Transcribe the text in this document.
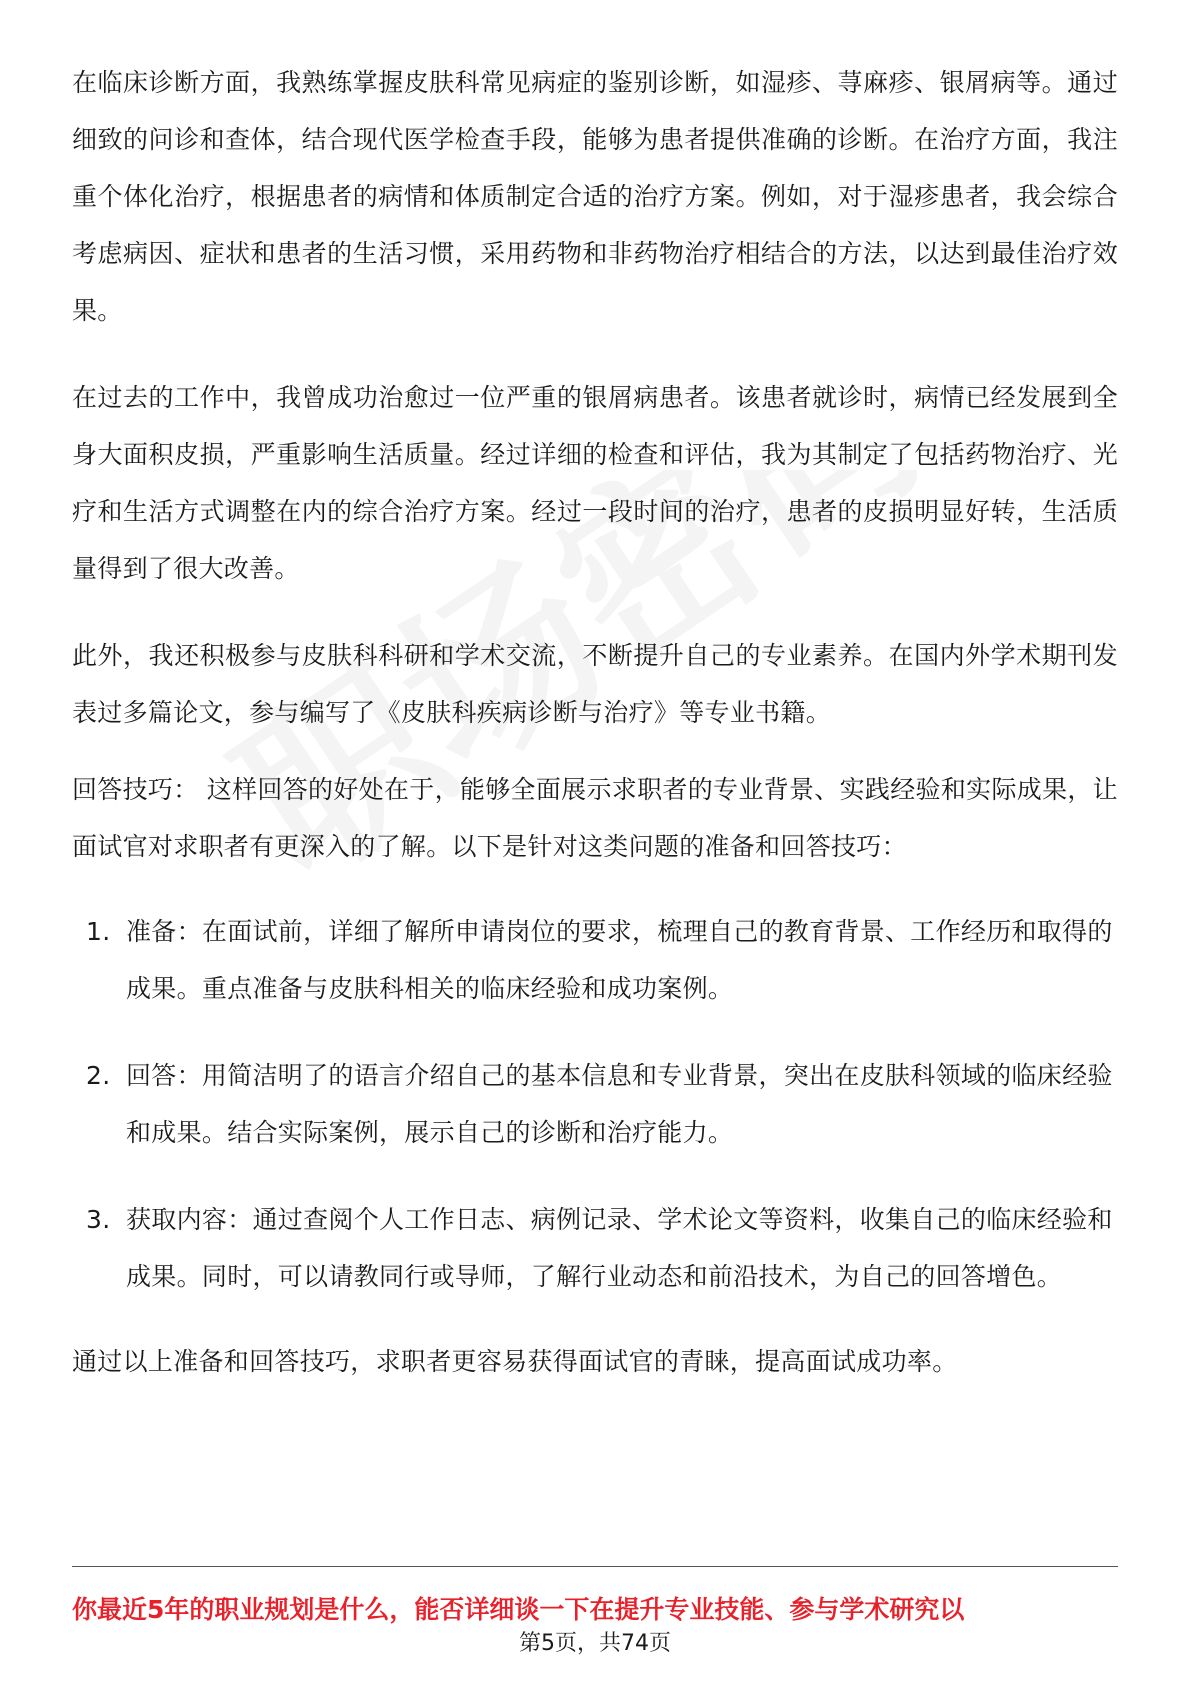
在临床诊断方面，我熟练掌握皮肤科常见病症的鉴别诊断，如湿疹、荨麻疹、银屑病等。通过细致的问诊和查体，结合现代医学检查手段，能够为患者提供准确的诊断。在治疗方面，我注重个体化治疗，根据患者的病情和体质制定合适的治疗方案。例如，对于湿疹患者，我会综合考虑病因、症状和患者的生活习惯，采用药物和非药物治疗相结合的方法，以达到最佳治疗效果。

在过去的工作中，我曾成功治愈过一位严重的银屑病患者。该患者就诊时，病情已经发展到全身大面积皮损，严重影响生活质量。经过详细的检查和评估，我为其制定了包括药物治疗、光疗和生活方式调整在内的综合治疗方案。经过一段时间的治疗，患者的皮损明显好转，生活质量得到了很大改善。

此外，我还积极参与皮肤科科研和学术交流，不断提升自己的专业素养。在国内外学术期刊发表过多篇论文，参与编写了《皮肤科疾病诊断与治疗》等专业书籍。

回答技巧： 这样回答的好处在于，能够全面展示求职者的专业背景、实践经验和实际成果，让面试官对求职者有更深入的了解。以下是针对这类问题的准备和回答技巧：

1. 准备：在面试前，详细了解所申请岗位的要求，梳理自己的教育背景、工作经历和取得的成果。重点准备与皮肤科相关的临床经验和成功案例。
2. 回答：用简洁明了的语言介绍自己的基本信息和专业背景，突出在皮肤科领域的临床经验和成果。结合实际案例，展示自己的诊断和治疗能力。
3. 获取内容：通过查阅个人工作日志、病例记录、学术论文等资料，收集自己的临床经验和成果。同时，可以请教同行或导师，了解行业动态和前沿技术，为自己的回答增色。

通过以上准备和回答技巧，求职者更容易获得面试官的青睐，提高面试成功率。

你最近5年的职业规划是什么，能否详细谈一下在提升专业技能、参与学术研究以
第5页，共74页
